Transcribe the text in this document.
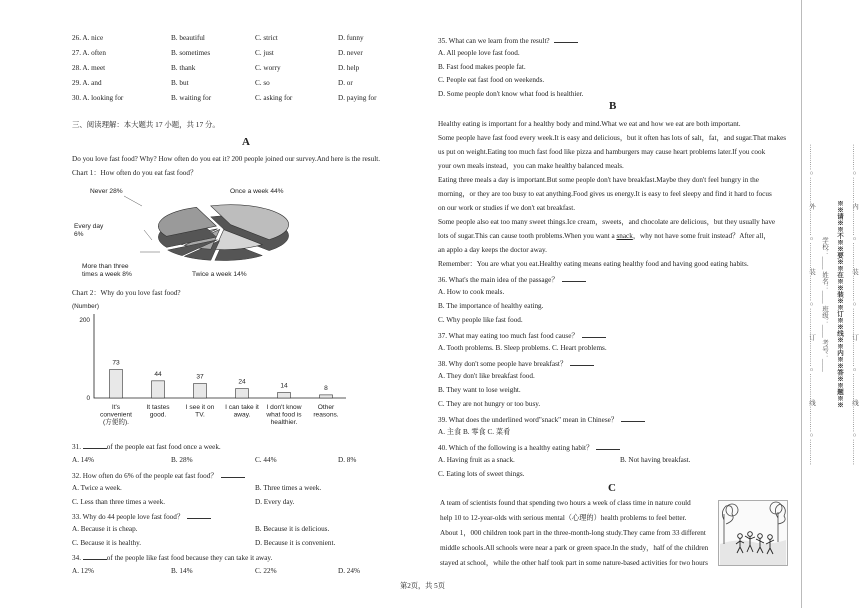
26. A. nice	B. beautiful	C. strict	D. funny
27. A. often	B. sometimes	C. just	D. never
28. A. meet	B. thank	C. worry	D. help
29. A. and	B. but	C. so	D. or
30. A. looking for	B. waiting for	C. asking for	D. paying for
三、阅读理解：本大题共 17 小题，共 17 分。
A
Do you love fast food? Why? How often do you eat it? 200 people joined our survey.And here is the result.
Chart 1：How often do you eat fast food？
Once a week 44%
Twice a week 14%
More than three
times a week 8%
Every day
6%
Never 28%
Chart 2：Why do you love fast food?
(Number)
200
0
73
It's
convenient
(方便的).
44
It tastes
good.
37
I see it on
TV.
24
I can take it
away.
14
I don't know
what food is
healthier.
8
Other
reasons.
31.	of the people eat fast food once a week.
A. 14%	B. 28%	C. 44%	D. 8%
32. How often do 6% of the people eat fast food？
A. Twice a week.	B. Three times a week.
C. Less than three times a week.	D. Every day.
33. Why do 44 people love fast food？
A. Because it is cheap.	B. Because it is delicious.
C. Because it is healthy.	D. Because it is convenient.
34.	of the people like fast food because they can take it away.
A. 12%	B. 14%	C. 22%	D. 24%
第2页，共 5页
35. What can we learn from the result?
A. All people love fast food.
B. Fast food makes people fat.
C. People eat fast food on weekends.
D. Some people don't know what food is healthier.
B
Healthy eating is important for a healthy body and mind.What we eat and how we eat are both important.
Some people have fast food every week.It is easy and delicious，but it often has lots of salt，fat，and sugar.That makes
us put on weight.Eating too much fast food like pizza and hamburgers may cause heart problems later.If you cook
your own meals instead，you can make healthy balanced meals.
Eating three meals a day is important.But some people don't have breakfast.Maybe they don't feel hungry in the
morning，or they are too busy to eat anything.Food gives us energy.It is easy to feel sleepy and find it hard to focus
on our work or studies if we don't eat breakfast.
Some people also eat too many sweet things.Ice cream，sweets，and chocolate are delicious，but they usually have
lots of sugar.This can cause tooth problems.When you want a snack，why not have some fruit instead？After all，
an applo a day keeps the doctor away.
Remember：You are what you eat.Healthy eating means eating healthy food and having good eating habits.
36. What's the main idea of the passage？
A. How to cook meals.
B. The importance of healthy eating.
C. Why people like fast food.
37. What may eating too much fast food cause？
A. Tooth problems. B. Sleep problems. C. Heart problems.
38. Why don't some people have breakfast？
A. They don't like breakfast food.
B. They want to lose weight.
C. They are not hungry or too busy.
39. What does the underlined word"snack" mean in Chinese？
A. 主食 B. 零食 C. 菜肴
40. Which of the following is a healthy eating habit？
A. Having fruit as a snack.	B. Not having breakfast.
C. Eating lots of sweet things.
C
A team of scientists found that spending two hours a week of class time in nature could
help 10 to 12-year-olds with serious mental（心理的）health problems to feel better.
About 1，000 children took part in the three-month-long study.They came from 33 different
middle schools.All schools were near a park or green space.In the study，half of the children
stayed at school，while the other half took part in some nature-based activities for two hours
…………○…………外…………○…………装…………○…………订…………○…………线…………○………… 学校：____ 姓名：____ 班级：____ 考号：____	※※请※※不※※要※※在※※装※※订※※线※※内※※答※※题※※	…………○…………内…………○…………装…………○…………订…………○…………线…………○…………
